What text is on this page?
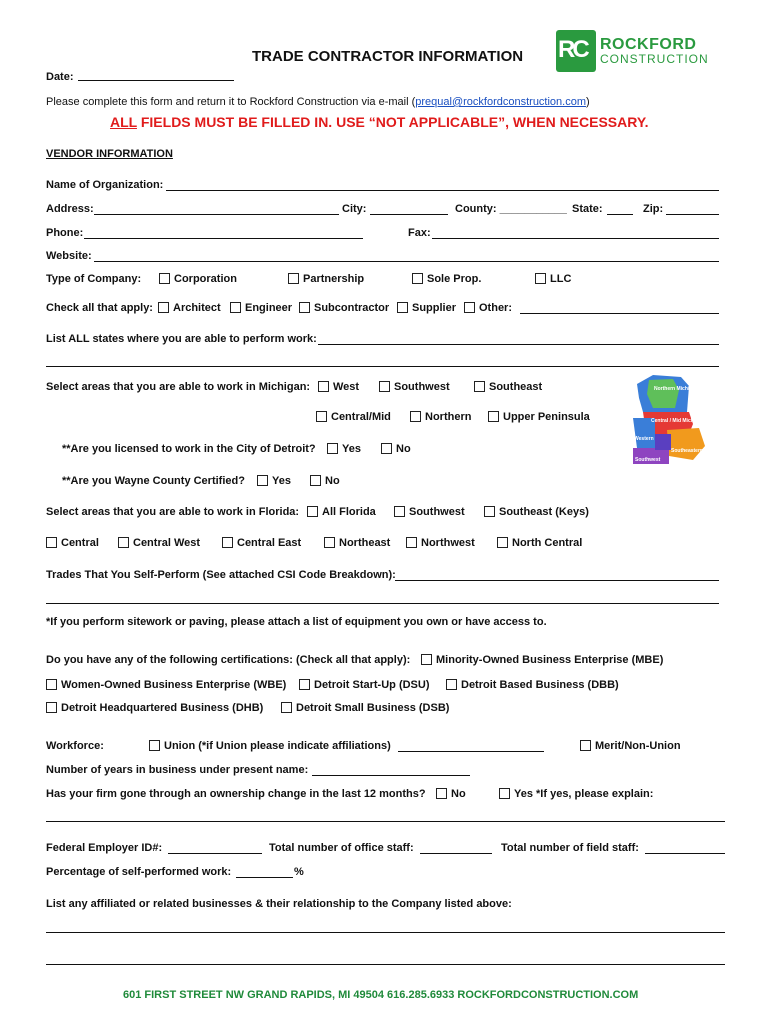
TRADE CONTRACTOR INFORMATION RC ROCKFORD
CONSTRUCTION
Date:
Please complete this form and return it to Rockford Construction via e-mail (prequal@rockfordconstruction.com)
ALL FIELDS MUST BE FILLED IN. USE “NOT APPLICABLE”, WHEN NECESSARY.
VENDOR INFORMATION
Name of Organization:
Address:	City:	County: ___________ State:	Zip:
Phone:	Fax:
Website:
Type of Company:	Corporation	Partnership	Sole Prop.	LLC
Check all that apply:	Architect	Engineer	Subcontractor	Supplier	Other:
List ALL states where you are able to perform work:
Select areas that you are able to work in Michigan:	West	Southwest	Southeast
Central/Mid	Northern	Upper Peninsula
**Are you licensed to work in the City of Detroit?	Yes	No
**Are you Wayne County Certified?	Yes	No
Northern Michigan
Central / Mid Michigan
Western
Southeastern
Southwest
Select areas that you are able to work in Florida:	All Florida	Southwest	Southeast (Keys)
Central	Central West	Central East	Northeast	Northwest	North Central
Trades That You Self-Perform (See attached CSI Code Breakdown):
*If you perform sitework or paving, please attach a list of equipment you own or have access to.
Do you have any of the following certifications: (Check all that apply):	Minority-Owned Business Enterprise (MBE)
Women-Owned Business Enterprise (WBE)	Detroit Start-Up (DSU)	Detroit Based Business (DBB)
Detroit Headquartered Business (DHB)	Detroit Small Business (DSB)
Workforce:	Union (*if Union please indicate affiliations)	Merit/Non-Union
Number of years in business under present name:
Has your firm gone through an ownership change in the last 12 months?	No	Yes *If yes, please explain:
Federal Employer ID#:	Total number of office staff:	Total number of field staff:
Percentage of self-performed work:	%
List any affiliated or related businesses & their relationship to the Company listed above:
601 FIRST STREET NW GRAND RAPIDS, MI 49504 616.285.6933 ROCKFORDCONSTRUCTION.COM
